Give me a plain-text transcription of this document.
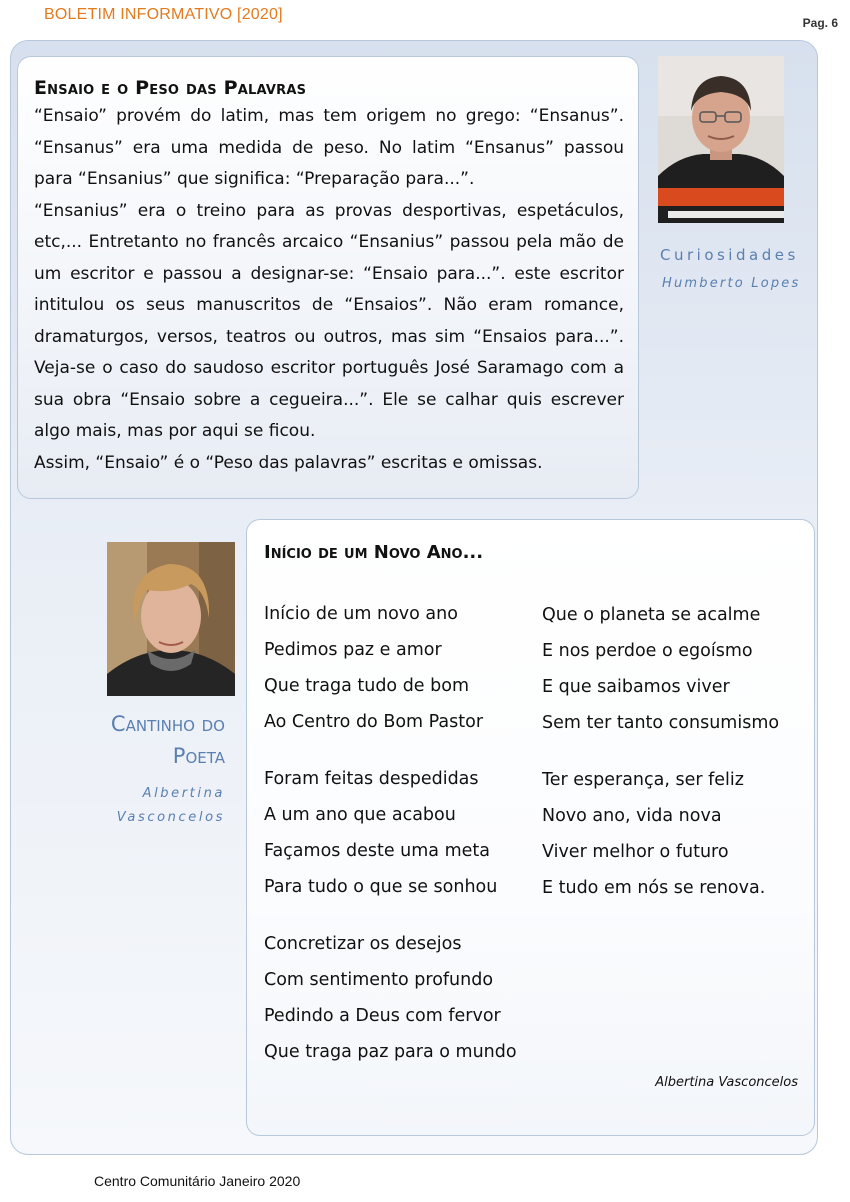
BOLETIM INFORMATIVO [2020]	Pag. 6
Ensaio e o Peso das Palavras

“Ensaio” provém do latim, mas tem origem no grego: “Ensanus”. “Ensanus” era uma medida de peso. No latim “Ensanus” passou para “Ensanius” que significa: “Preparação para...”.

“Ensanius” era o treino para as provas desportivas, espetáculos, etc,... Entretanto no francês arcaico “Ensanius” passou pela mão de um escritor e passou a designar-se: “Ensaio para...”. este escritor intitulou os seus manuscritos de “Ensaios”. Não eram romance, dramaturgos, versos, teatros ou outros, mas sim “Ensaios para...”. Veja-se o caso do saudoso escritor português José Saramago com a sua obra “Ensaio sobre a cegueira...”. Ele se calhar quis escrever algo mais, mas por aqui se ficou.

Assim, “Ensaio” é o “Peso das palavras” escritas e omissas.

Curiosidades
Humberto Lopes
Cantinho do
Poeta
Albertina
Vasconcelos
Início de um Novo Ano...
Início de um novo ano
Pedimos paz e amor
Que traga tudo de bom
Ao Centro do Bom Pastor
Foram feitas despedidas
A um ano que acabou
Façamos deste uma meta
Para tudo o que se sonhou
Concretizar os desejos
Com sentimento profundo
Pedindo a Deus com fervor
Que traga paz para o mundo
Que o planeta se acalme
E nos perdoe o egoísmo
E que saibamos viver
Sem ter tanto consumismo
Ter esperança, ser feliz
Novo ano, vida nova
Viver melhor o futuro
E tudo em nós se renova.
Albertina Vasconcelos
Centro Comunitário Janeiro 2020
